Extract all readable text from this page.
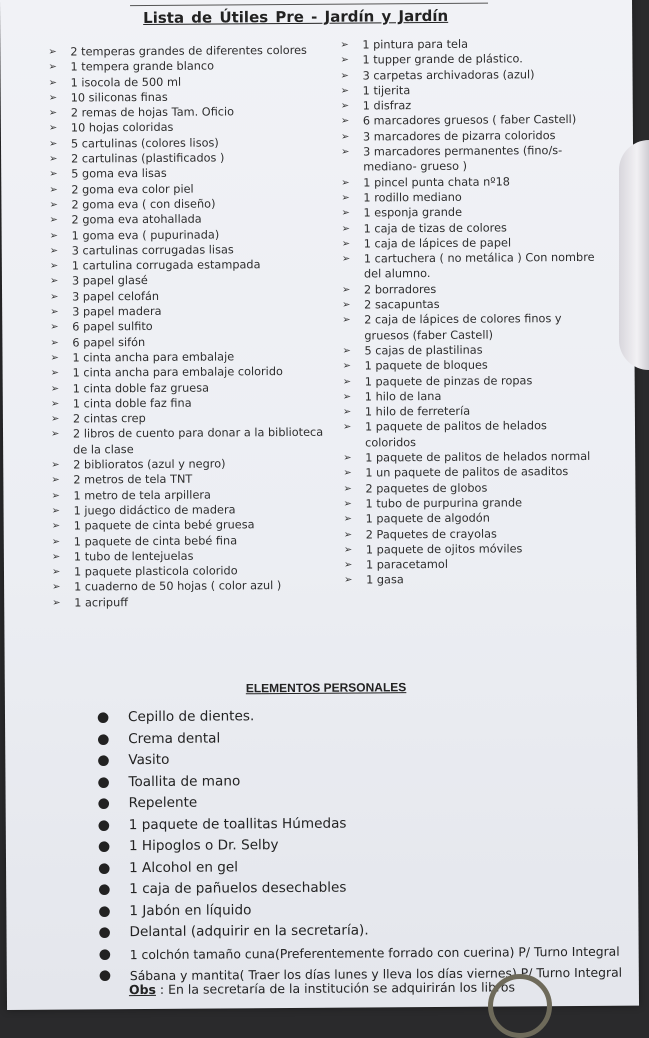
Lista de Útiles Pre - Jardín y Jardín
➢ 2 temperas grandes de diferentes colores
➢ 1 tempera grande blanco
➢ 1 isocola de 500 ml
➢ 10 siliconas finas
➢ 2 remas de hojas Tam. Oficio
➢ 10 hojas coloridas
➢ 5 cartulinas (colores lisos)
➢ 2 cartulinas (plastificados )
➢ 5 goma eva lisas
➢ 2 goma eva color piel
➢ 2 goma eva ( con diseño)
➢ 2 goma eva atohallada
➢ 1 goma eva ( pupurinada)
➢ 3 cartulinas corrugadas lisas
➢ 1 cartulina corrugada estampada
➢ 3 papel glasé
➢ 3 papel celofán
➢ 3 papel madera
➢ 6 papel sulfito
➢ 6 papel sifón
➢ 1 cinta ancha para embalaje
➢ 1 cinta ancha para embalaje colorido
➢ 1 cinta doble faz gruesa
➢ 1 cinta doble faz fina
➢ 2 cintas crep
➢ 2 libros de cuento para donar a la biblioteca de la clase
➢ 2 biblioratos (azul y negro)
➢ 2 metros de tela TNT
➢ 1 metro de tela arpillera
➢ 1 juego didáctico de madera
➢ 1 paquete de cinta bebé gruesa
➢ 1 paquete de cinta bebé fina
➢ 1 tubo de lentejuelas
➢ 1 paquete plasticola colorido
➢ 1 cuaderno de 50 hojas ( color azul )
➢ 1 acripuff
➢ 1 pintura para tela
➢ 1 tupper grande de plástico.
➢ 3 carpetas archivadoras (azul)
➢ 1 tijerita
➢ 1 disfraz
➢ 6 marcadores gruesos ( faber Castell)
➢ 3 marcadores de pizarra coloridos
➢ 3 marcadores permanentes (fino/s-mediano- grueso )
➢ 1 pincel punta chata nº18
➢ 1 rodillo mediano
➢ 1 esponja grande
➢ 1 caja de tizas de colores
➢ 1 caja de lápices de papel
➢ 1 cartuchera ( no metálica ) Con nombre del alumno.
➢ 2 borradores
➢ 2 sacapuntas
➢ 2 caja de lápices de colores finos y gruesos (faber Castell)
➢ 5 cajas de plastilinas
➢ 1 paquete de bloques
➢ 1 paquete de pinzas de ropas
➢ 1 hilo de lana
➢ 1 hilo de ferretería
➢ 1 paquete de palitos de helados coloridos
➢ 1 paquete de palitos de helados normal
➢ 1 un paquete de palitos de asaditos
➢ 2 paquetes de globos
➢ 1 tubo de purpurina grande
➢ 1 paquete de algodón
➢ 2 Paquetes de crayolas
➢ 1 paquete de ojitos móviles
➢ 1 paracetamol
➢ 1 gasa
ELEMENTOS PERSONALES
● Cepillo de dientes.
● Crema dental
● Vasito
● Toallita de mano
● Repelente
● 1 paquete de toallitas Húmedas
● 1 Hipoglos o Dr. Selby
● 1 Alcohol en gel
● 1 caja de pañuelos desechables
● 1 Jabón en líquido
● Delantal (adquirir en la secretaría).
● 1 colchón tamaño cuna(Preferentemente forrado con cuerina) P/ Turno Integral
● Sábana y mantita( Traer los días lunes y lleva los días viernes) P/ Turno Integral

Obs : En la secretaría de la institución se adquirirán los libros
